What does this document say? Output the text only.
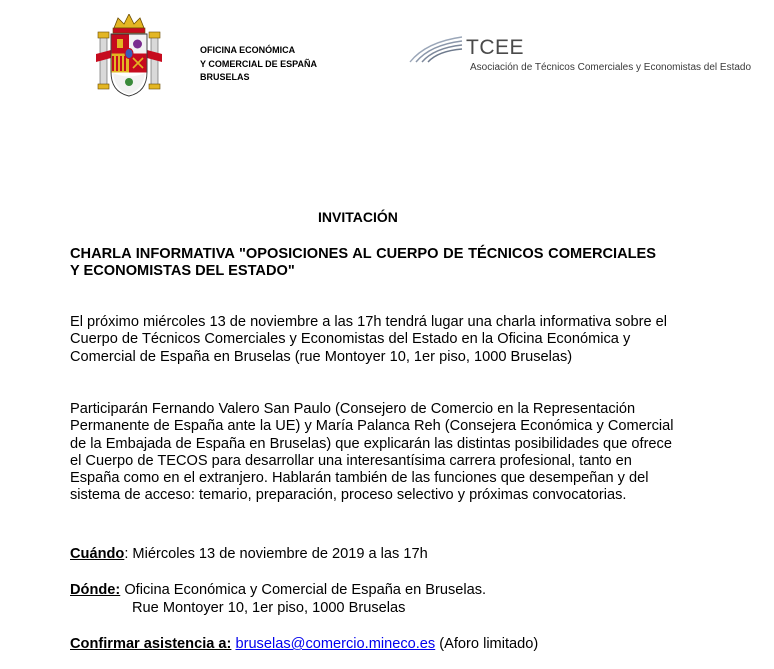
OFICINA ECONÓMICA
Y COMERCIAL DE ESPAÑA
BRUSELAS
TCEE
Asociación de Técnicos Comerciales y Economistas del Estado
INVITACIÓN
CHARLA INFORMATIVA "OPOSICIONES AL CUERPO DE TÉCNICOS COMERCIALES Y ECONOMISTAS DEL ESTADO"
El próximo miércoles 13 de noviembre a las 17h tendrá lugar una charla informativa sobre el Cuerpo de Técnicos Comerciales y Economistas del Estado en la Oficina Económica y Comercial de España en Bruselas (rue Montoyer 10, 1er piso, 1000 Bruselas)
Participarán Fernando Valero San Paulo (Consejero de Comercio en la Representación Permanente de España ante la UE) y María Palanca Reh (Consejera Económica y Comercial de la Embajada de España en Bruselas) que explicarán las distintas posibilidades que ofrece el Cuerpo de TECOS para desarrollar una interesantísima carrera profesional, tanto en España como en el extranjero. Hablarán también de las funciones que desempeñan y del sistema de acceso: temario, preparación, proceso selectivo y próximas convocatorias.
Cuándo: Miércoles 13 de noviembre de 2019 a las 17h
Dónde: Oficina Económica y Comercial de España en Bruselas.
Rue Montoyer 10, 1er piso, 1000 Bruselas
Confirmar asistencia a: bruselas@comercio.mineco.es (Aforo limitado)
